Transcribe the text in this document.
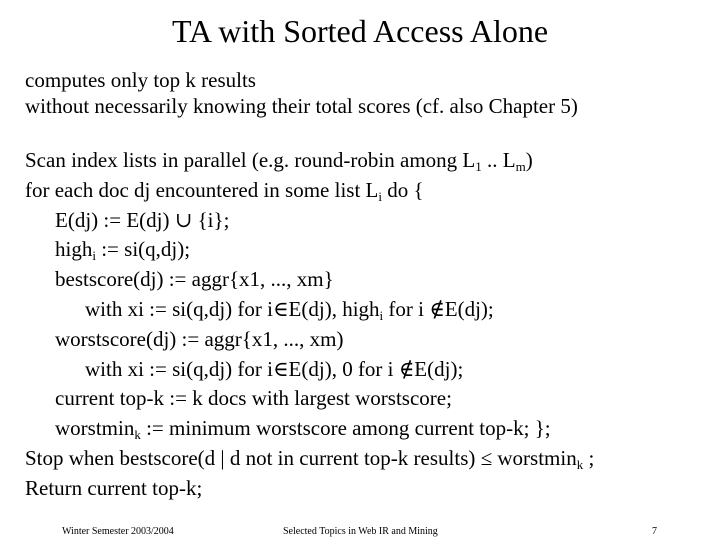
TA with Sorted Access Alone
computes only top k results
without necessarily knowing their total scores (cf. also Chapter 5)
Scan index lists in parallel (e.g. round-robin among $L_1$ .. $L_m$)
for each doc dj encountered in some list $L_i$ do {
E(dj) := E(dj) ∪ {i};
high$_i$ := si(q,dj);
bestscore(dj) := aggr{x1, ..., xm}
with xi := si(q,dj) for i∈E(dj), high$_i$ for i ∉E(dj);
worstscore(dj) := aggr{x1, ..., xm)
with xi := si(q,dj) for i∈E(dj), 0 for i ∉E(dj);
current top-k := k docs with largest worstscore;
worstmin$_k$ := minimum worstscore among current top-k; };
Stop when bestscore(d | d not in current top-k results) ≤ worstmin$_k$ ;
Return current top-k;
Winter Semester 2003/2004	Selected Topics in Web IR and Mining	7
